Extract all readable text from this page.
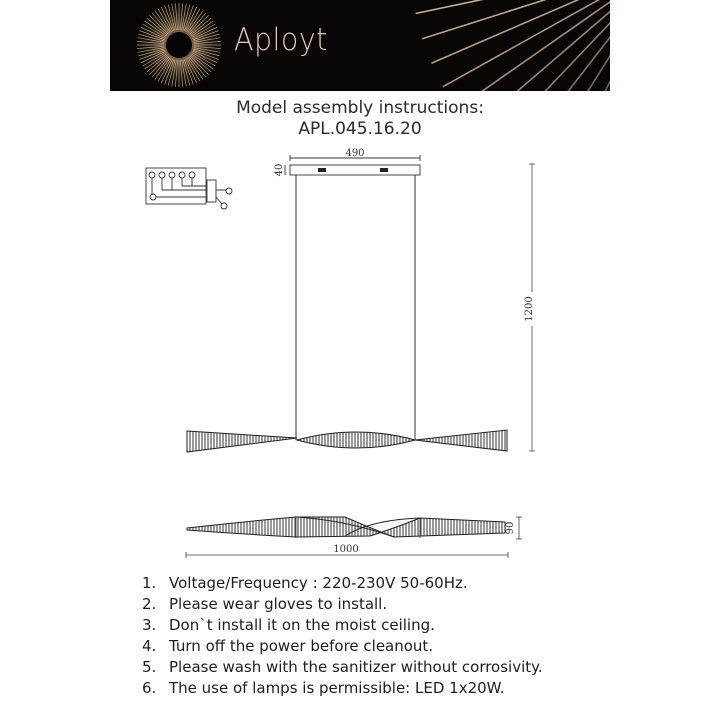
Aployt
Model assembly instructions:
APL.045.16.20
490
40
1200
90
1000
1. Voltage/Frequency : 220-230V 50-60Hz.
2. Please wear gloves to install.
3. Don`t install it on the moist ceiling.
4. Turn off the power before cleanout.
5. Please wash with the sanitizer without corrosivity.
6. The use of lamps is permissible: LED 1x20W.
